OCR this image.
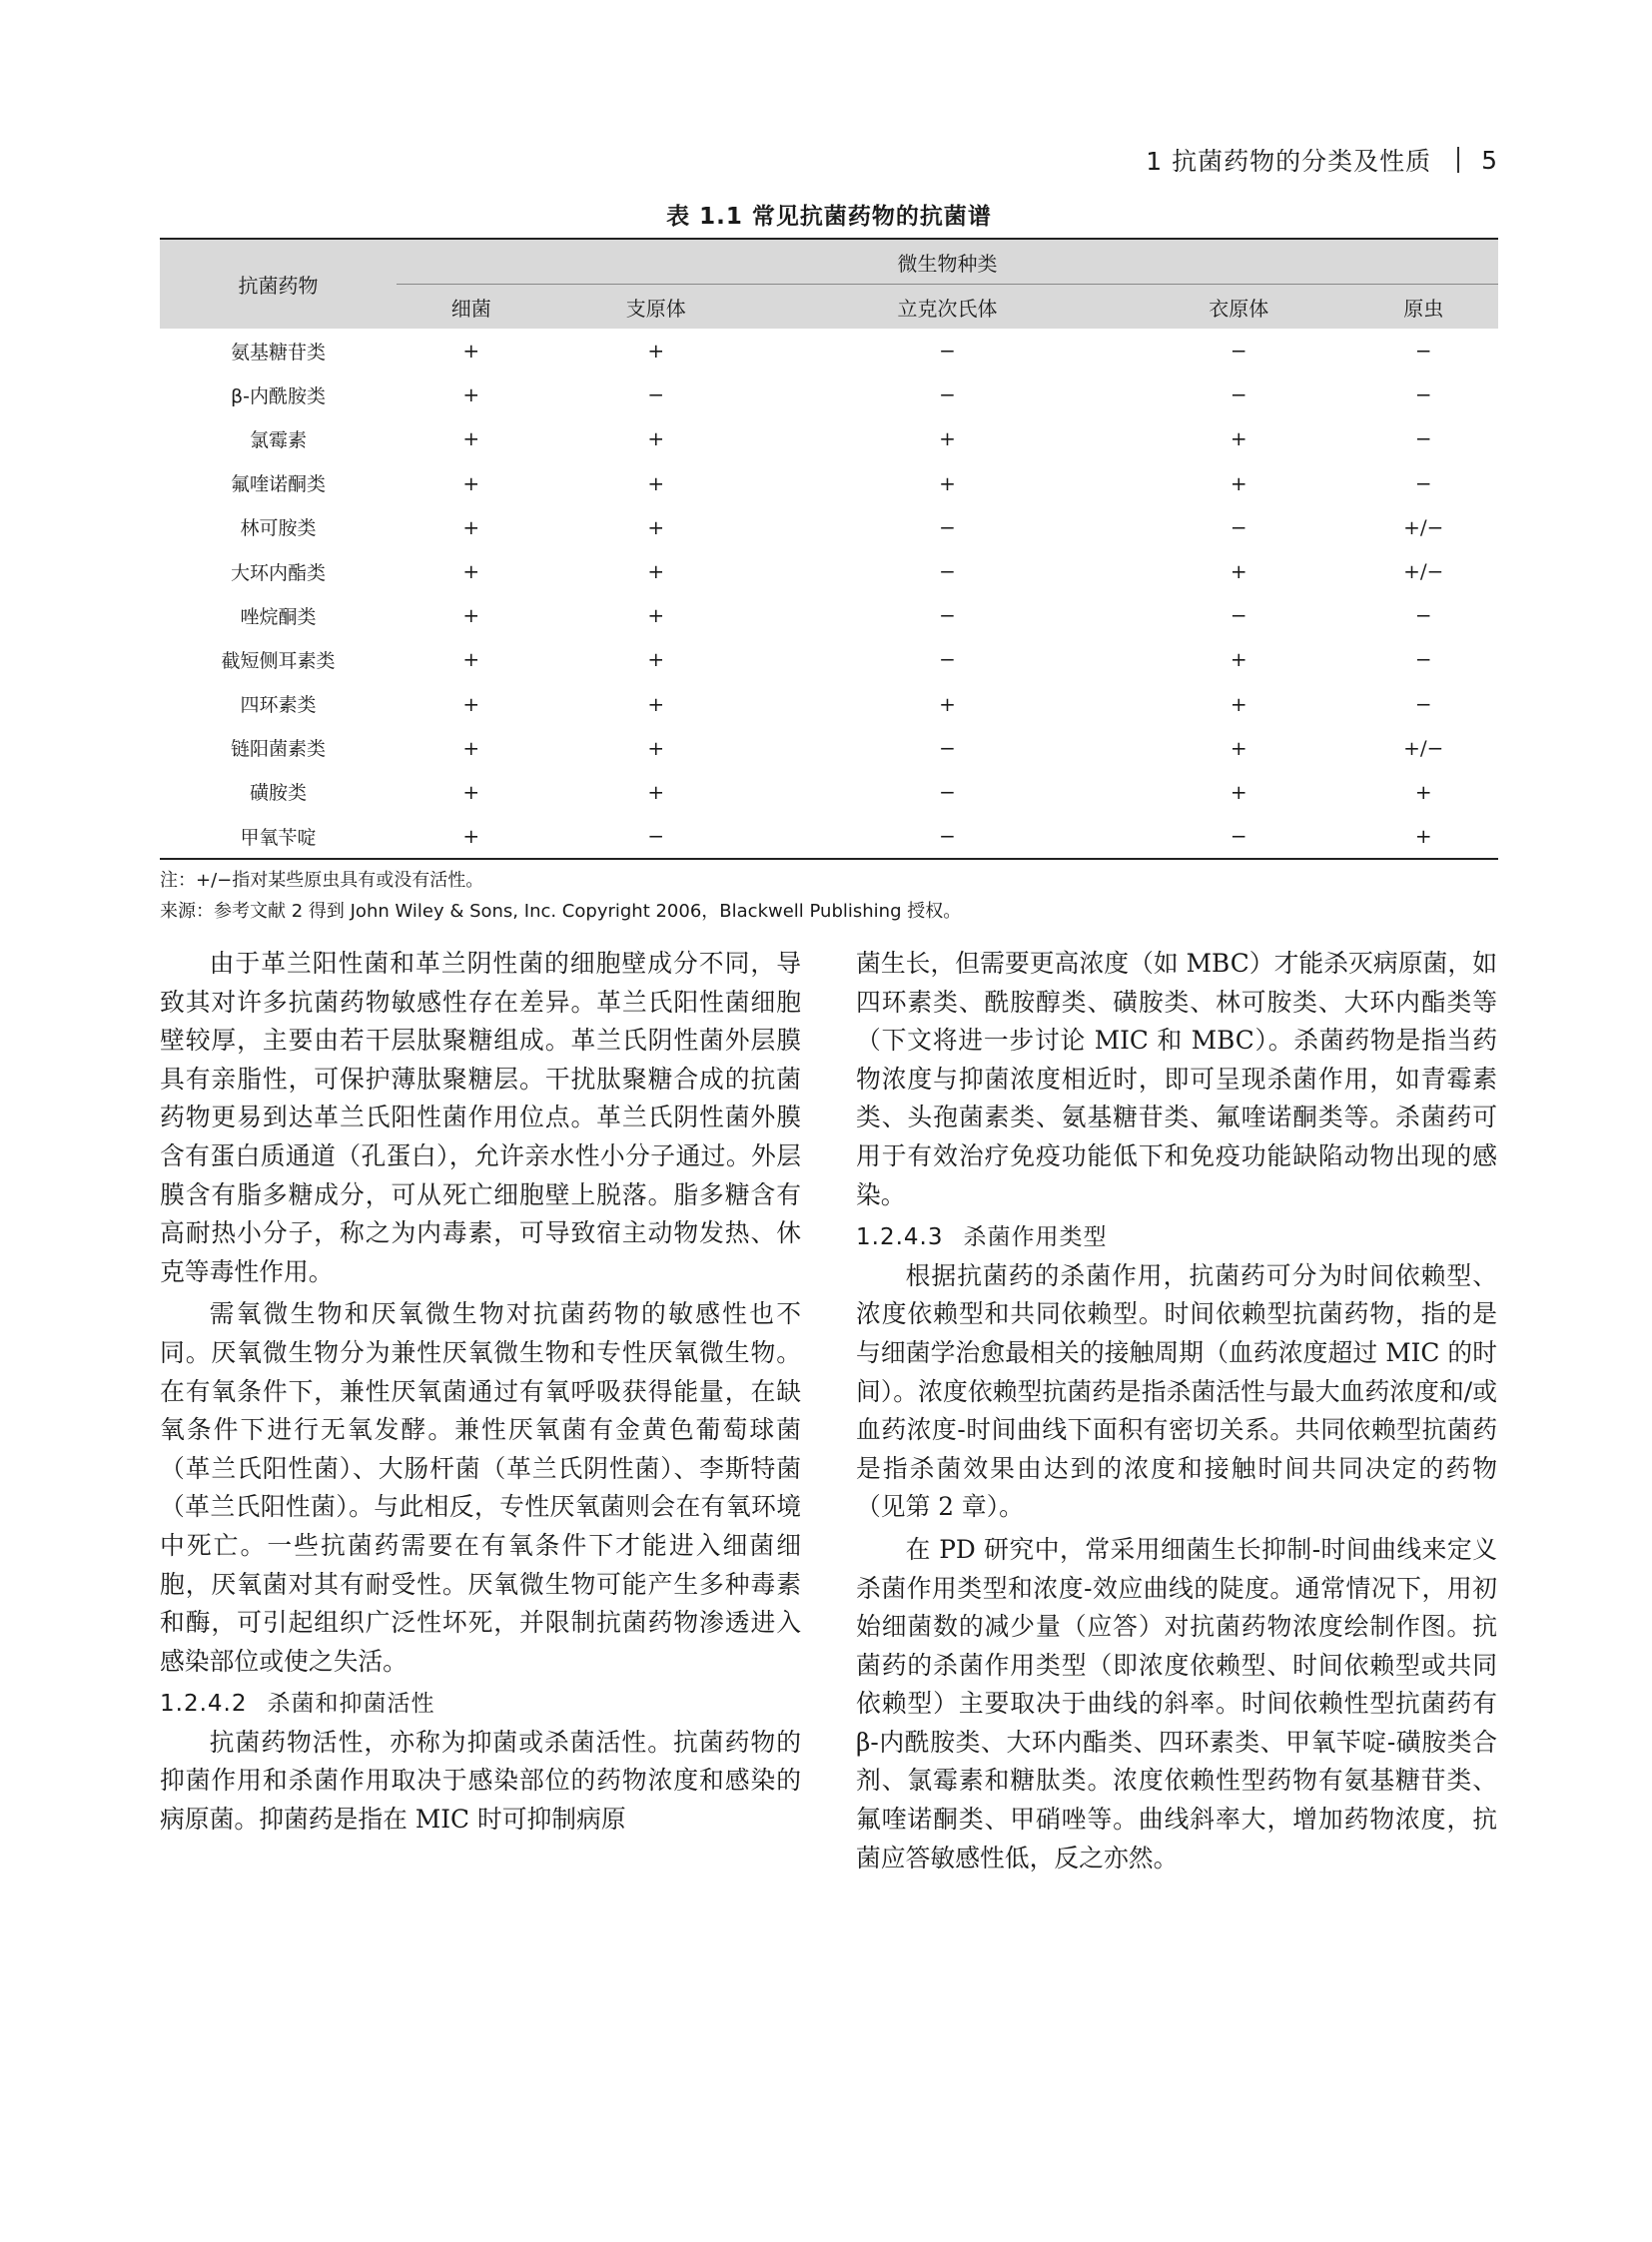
1 抗菌药物的分类及性质 5
表 1.1 常见抗菌药物的抗菌谱
抗菌药物	微生物种类				
	细菌	支原体	立克次氏体	衣原体	原虫
氨基糖苷类	+	+	−	−	−
β-内酰胺类	+	−	−	−	−
氯霉素	+	+	+	+	−
氟喹诺酮类	+	+	+	+	−
林可胺类	+	+	−	−	+/−
大环内酯类	+	+	−	+	+/−
唑烷酮类	+	+	−	−	−
截短侧耳素类	+	+	−	+	−
四环素类	+	+	+	+	−
链阳菌素类	+	+	−	+	+/−
磺胺类	+	+	−	+	+
甲氧苄啶	+	−	−	−	+

注：+/−指对某些原虫具有或没有活性。

来源：参考文献 2 得到 John Wiley & Sons, Inc. Copyright 2006，Blackwell Publishing 授权。

由于革兰阳性菌和革兰阴性菌的细胞壁成分不同，导致其对许多抗菌药物敏感性存在差异。革兰氏阳性菌细胞壁较厚，主要由若干层肽聚糖组成。革兰氏阴性菌外层膜具有亲脂性，可保护薄肽聚糖层。干扰肽聚糖合成的抗菌药物更易到达革兰氏阳性菌作用位点。革兰氏阴性菌外膜含有蛋白质通道（孔蛋白），允许亲水性小分子通过。外层膜含有脂多糖成分，可从死亡细胞壁上脱落。脂多糖含有高耐热小分子，称之为内毒素，可导致宿主动物发热、休克等毒性作用。

需氧微生物和厌氧微生物对抗菌药物的敏感性也不同。厌氧微生物分为兼性厌氧微生物和专性厌氧微生物。在有氧条件下，兼性厌氧菌通过有氧呼吸获得能量，在缺氧条件下进行无氧发酵。兼性厌氧菌有金黄色葡萄球菌（革兰氏阳性菌）、大肠杆菌（革兰氏阴性菌）、李斯特菌（革兰氏阳性菌）。与此相反，专性厌氧菌则会在有氧环境中死亡。一些抗菌药需要在有氧条件下才能进入细菌细胞，厌氧菌对其有耐受性。厌氧微生物可能产生多种毒素和酶，可引起组织广泛性坏死，并限制抗菌药物渗透进入感染部位或使之失活。

1.2.4.2 杀菌和抑菌活性

抗菌药物活性，亦称为抑菌或杀菌活性。抗菌药物的抑菌作用和杀菌作用取决于感染部位的药物浓度和感染的病原菌。抑菌药是指在 MIC 时可抑制病原

菌生长，但需要更高浓度（如 MBC）才能杀灭病原菌，如四环素类、酰胺醇类、磺胺类、林可胺类、大环内酯类等（下文将进一步讨论 MIC 和 MBC）。杀菌药物是指当药物浓度与抑菌浓度相近时，即可呈现杀菌作用，如青霉素类、头孢菌素类、氨基糖苷类、氟喹诺酮类等。杀菌药可用于有效治疗免疫功能低下和免疫功能缺陷动物出现的感染。

1.2.4.3 杀菌作用类型

根据抗菌药的杀菌作用，抗菌药可分为时间依赖型、浓度依赖型和共同依赖型。时间依赖型抗菌药物，指的是与细菌学治愈最相关的接触周期（血药浓度超过 MIC 的时间）。浓度依赖型抗菌药是指杀菌活性与最大血药浓度和/或血药浓度-时间曲线下面积有密切关系。共同依赖型抗菌药是指杀菌效果由达到的浓度和接触时间共同决定的药物（见第 2 章）。

在 PD 研究中，常采用细菌生长抑制-时间曲线来定义杀菌作用类型和浓度-效应曲线的陡度。通常情况下，用初始细菌数的减少量（应答）对抗菌药物浓度绘制作图。抗菌药的杀菌作用类型（即浓度依赖型、时间依赖型或共同依赖型）主要取决于曲线的斜率。时间依赖性型抗菌药有 β-内酰胺类、大环内酯类、四环素类、甲氧苄啶-磺胺类合剂、氯霉素和糖肽类。浓度依赖性型药物有氨基糖苷类、氟喹诺酮类、甲硝唑等。曲线斜率大，增加药物浓度，抗菌应答敏感性低，反之亦然。
